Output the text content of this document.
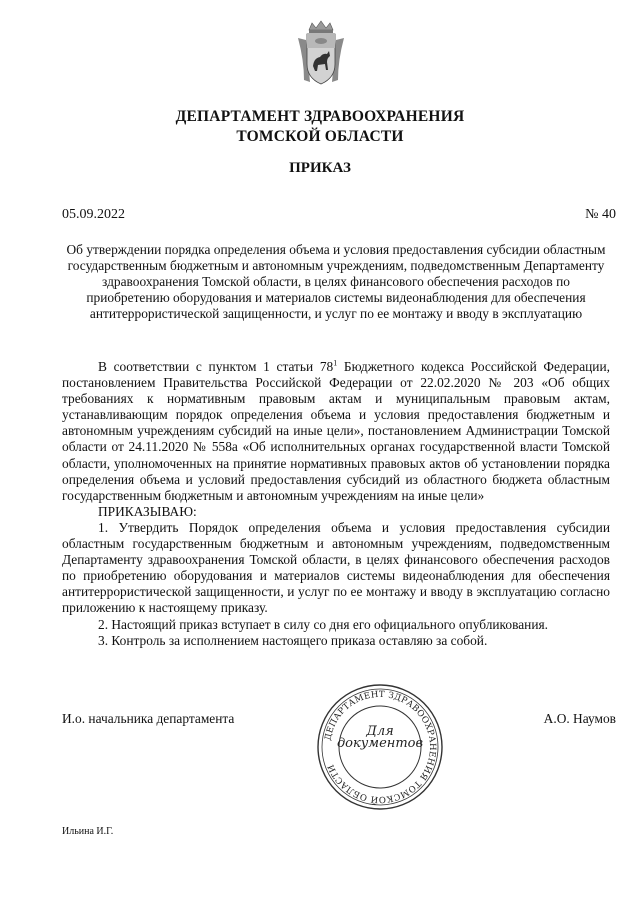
ДЕПАРТАМЕНТ ЗДРАВООХРАНЕНИЯ
ТОМСКОЙ ОБЛАСТИ
ПРИКАЗ
05.09.2022	№ 40
Об утверждении порядка определения объема и условия предоставления субсидии областным государственным бюджетным и автономным учреждениям, подведомственным Департаменту здравоохранения Томской области, в целях финансового обеспечения расходов по приобретению оборудования и материалов системы видеонаблюдения для обеспечения антитеррористической защищенности, и услуг по ее монтажу и вводу в эксплуатацию

В соответствии с пунктом 1 статьи $78^1$ Бюджетного кодекса Российской Федерации, постановлением Правительства Российской Федерации от 22.02.2020 № 203 «Об общих требованиях к нормативным правовым актам и муниципальным правовым актам, устанавливающим порядок определения объема и условия предоставления бюджетным и автономным учреждениям субсидий на иные цели», постановлением Администрации Томской области от 24.11.2020 № 558а «Об исполнительных органах государственной власти Томской области, уполномоченных на принятие нормативных правовых актов об установлении порядка определения объема и условий предоставления субсидий из областного бюджета областным государственным бюджетным и автономным учреждениям на иные цели»

ПРИКАЗЫВАЮ:

1. Утвердить Порядок определения объема и условия предоставления субсидии областным государственным бюджетным и автономным учреждениям, подведомственным Департаменту здравоохранения Томской области, в целях финансового обеспечения расходов по приобретению оборудования и материалов системы видеонаблюдения для обеспечения антитеррористической защищенности, и услуг по ее монтажу и вводу в эксплуатацию согласно приложению к настоящему приказу.

2. Настоящий приказ вступает в силу со дня его официального опубликования.

3. Контроль за исполнением настоящего приказа оставляю за собой.

И.о. начальника департамента	А.О. Наумов
ДЕПАРТАМЕНТ ЗДРАВООХРАНЕНИЯ ТОМСКОЙ ОБЛАСТИ
Для
документов
Ильина И.Г.
